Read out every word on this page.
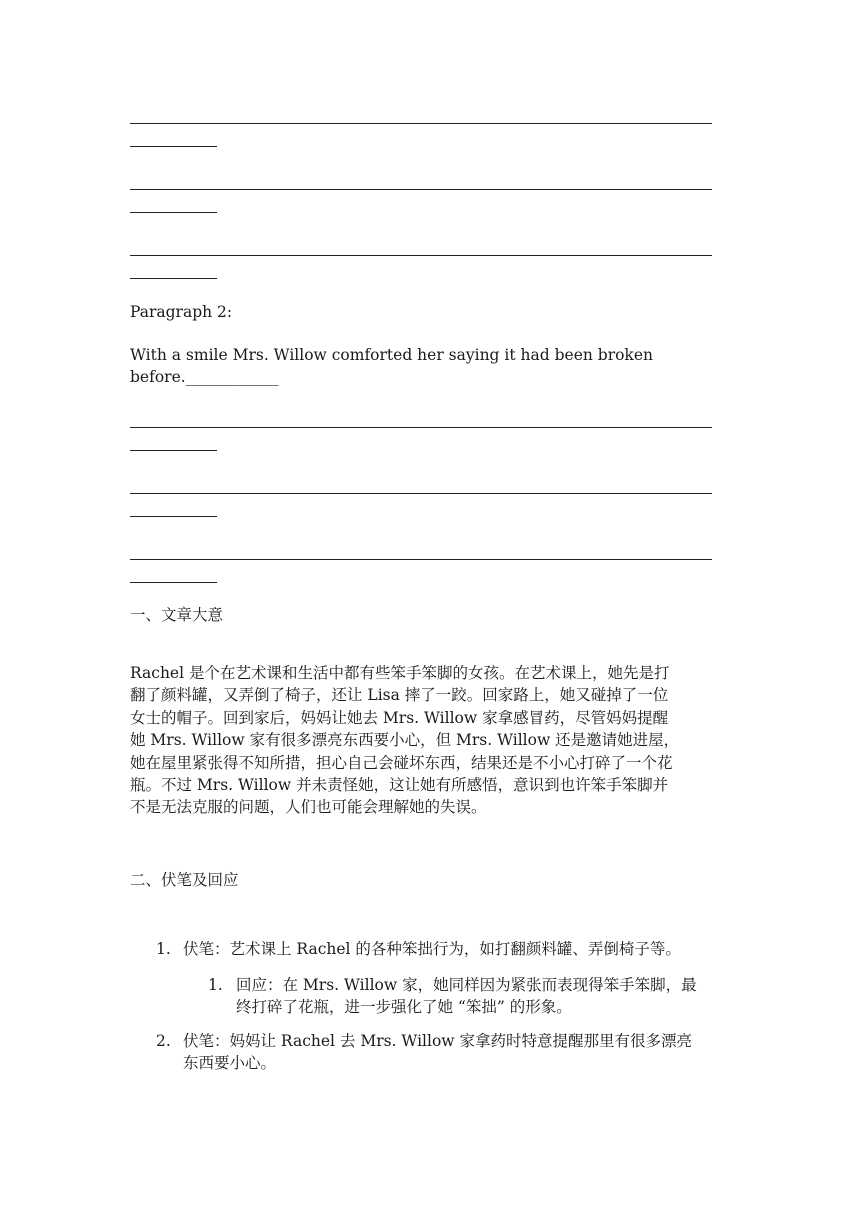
Paragraph 2:

With a smile Mrs. Willow comforted her saying it had been broken

before.____________

一、文章大意

Rachel 是个在艺术课和生活中都有些笨手笨脚的女孩。在艺术课上，她先是打
翻了颜料罐，又弄倒了椅子，还让 Lisa 摔了一跤。回家路上，她又碰掉了一位
女士的帽子。回到家后，妈妈让她去 Mrs. Willow 家拿感冒药，尽管妈妈提醒
她 Mrs. Willow 家有很多漂亮东西要小心，但 Mrs. Willow 还是邀请她进屋，
她在屋里紧张得不知所措，担心自己会碰坏东西，结果还是不小心打碎了一个花
瓶。不过 Mrs. Willow 并未责怪她，这让她有所感悟，意识到也许笨手笨脚并
不是无法克服的问题，人们也可能会理解她的失误。

二、伏笔及回应

1. 伏笔：艺术课上 Rachel 的各种笨拙行为，如打翻颜料罐、弄倒椅子等。

1. 回应：在 Mrs. Willow 家，她同样因为紧张而表现得笨手笨脚，最
终打碎了花瓶，进一步强化了她 “笨拙” 的形象。

2. 伏笔：妈妈让 Rachel 去 Mrs. Willow 家拿药时特意提醒那里有很多漂亮
东西要小心。
